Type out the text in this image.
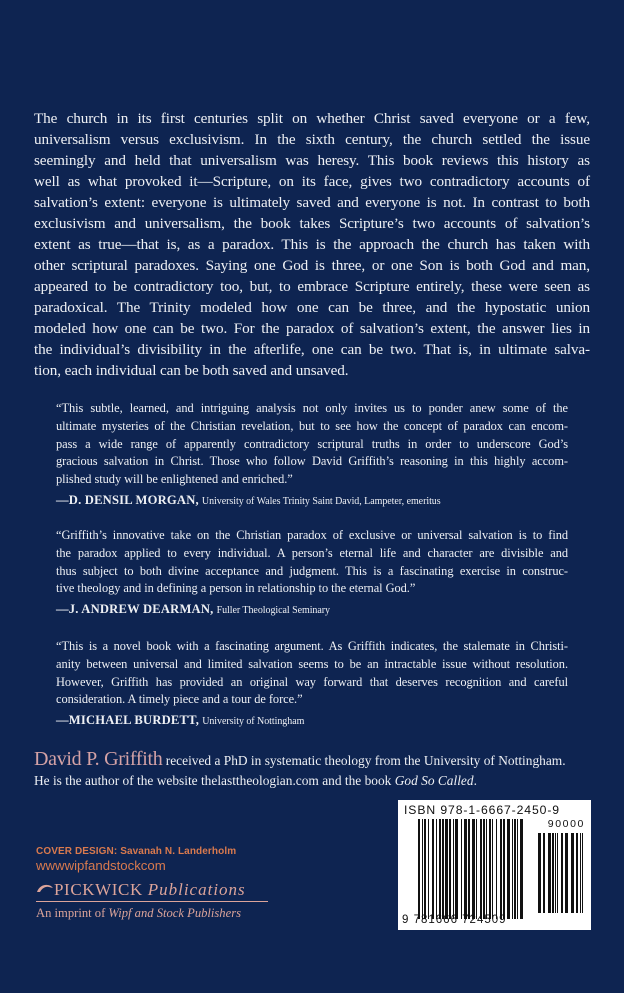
The church in its first centuries split on whether Christ saved everyone or a few,
universalism versus exclusivism. In the sixth century, the church settled the issue
seemingly and held that universalism was heresy. This book reviews this history as
well as what provoked it—Scripture, on its face, gives two contradictory accounts of
salvation’s extent: everyone is ultimately saved and everyone is not. In contrast to both
exclusivism and universalism, the book takes Scripture’s two accounts of salvation’s
extent as true—that is, as a paradox. This is the approach the church has taken with
other scriptural paradoxes. Saying one God is three, or one Son is both God and man,
appeared to be contradictory too, but, to embrace Scripture entirely, these were seen as
paradoxical. The Trinity modeled how one can be three, and the hypostatic union
modeled how one can be two. For the paradox of salvation’s extent, the answer lies in
the individual’s divisibility in the afterlife, one can be two. That is, in ultimate salva-
tion, each individual can be both saved and unsaved.
“This subtle, learned, and intriguing analysis not only invites us to ponder anew some of the
ultimate mysteries of the Christian revelation, but to see how the concept of paradox can encom-
pass a wide range of apparently contradictory scriptural truths in order to underscore God’s
gracious salvation in Christ. Those who follow David Griffith’s reasoning in this highly accom-
plished study will be enlightened and enriched.”
—D. DENSIL MORGAN, University of Wales Trinity Saint David, Lampeter, emeritus
“Griffith’s innovative take on the Christian paradox of exclusive or universal salvation is to find
the paradox applied to every individual. A person’s eternal life and character are divisible and
thus subject to both divine acceptance and judgment. This is a fascinating exercise in construc-
tive theology and in defining a person in relationship to the eternal God.”
—J. ANDREW DEARMAN, Fuller Theological Seminary
“This is a novel book with a fascinating argument. As Griffith indicates, the stalemate in Christi-
anity between universal and limited salvation seems to be an intractable issue without resolution.
However, Griffith has provided an original way forward that deserves recognition and careful
consideration. A timely piece and a tour de force.”
—MICHAEL BURDETT, University of Nottingham
David P. Griffith received a PhD in systematic theology from the University of Nottingham.
He is the author of the website thelasttheologian.com and the book God So Called.
COVER DESIGN: Savanah N. Landerholm
wwwwipfandstockcom
PICKWICK Publications
An imprint of Wipf and Stock Publishers
ISBN 978-1-6667-2450-9
90000
9 781666 724509
